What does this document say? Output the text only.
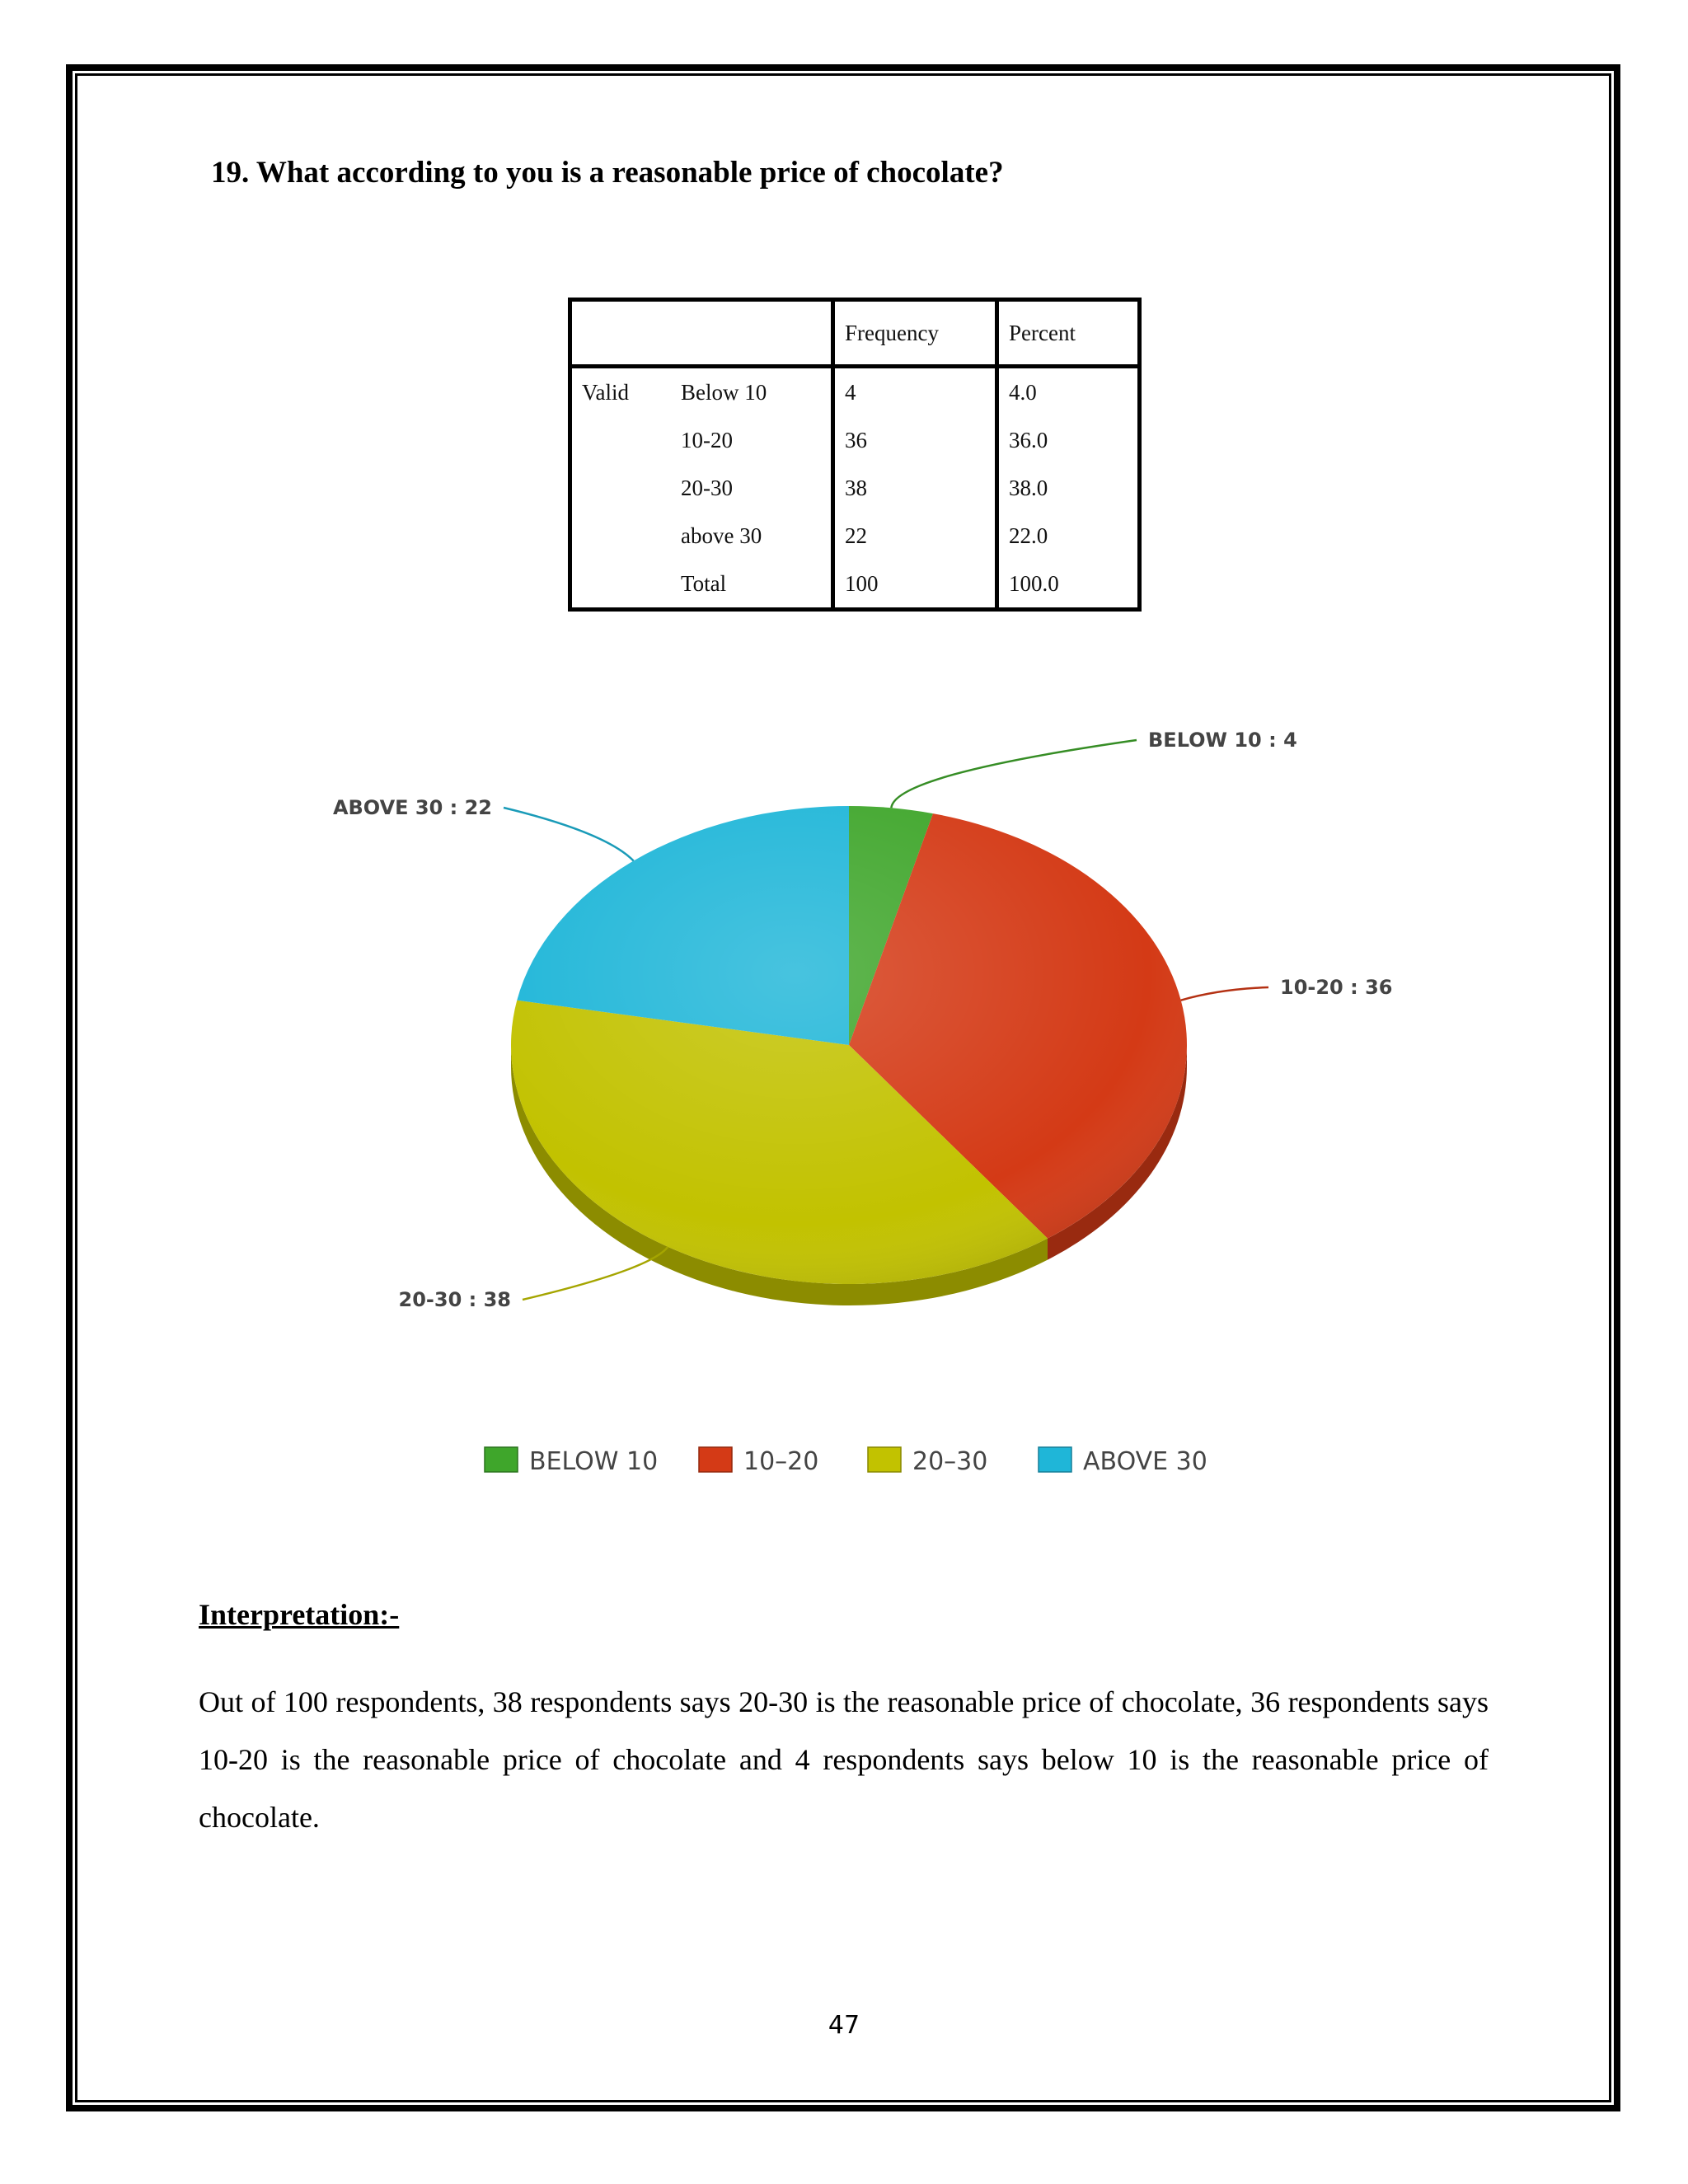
19. What according to you is a reasonable price of chocolate?
		Frequency	Percent
Valid	Below 10	4	4.0
	10-20	36	36.0
	20-30	38	38.0
	above 30	22	22.0
	Total	100	100.0
BELOW 10 : 4
10-20 : 36
20-30 : 38
ABOVE 30 : 22
BELOW 10	10–20	20–30	ABOVE 30
Interpretation:-

Out of 100 respondents, 38 respondents says 20-30 is the reasonable price of chocolate, 36 respondents says 10-20 is the reasonable price of chocolate and 4 respondents says below 10 is the reasonable price of chocolate.

47
